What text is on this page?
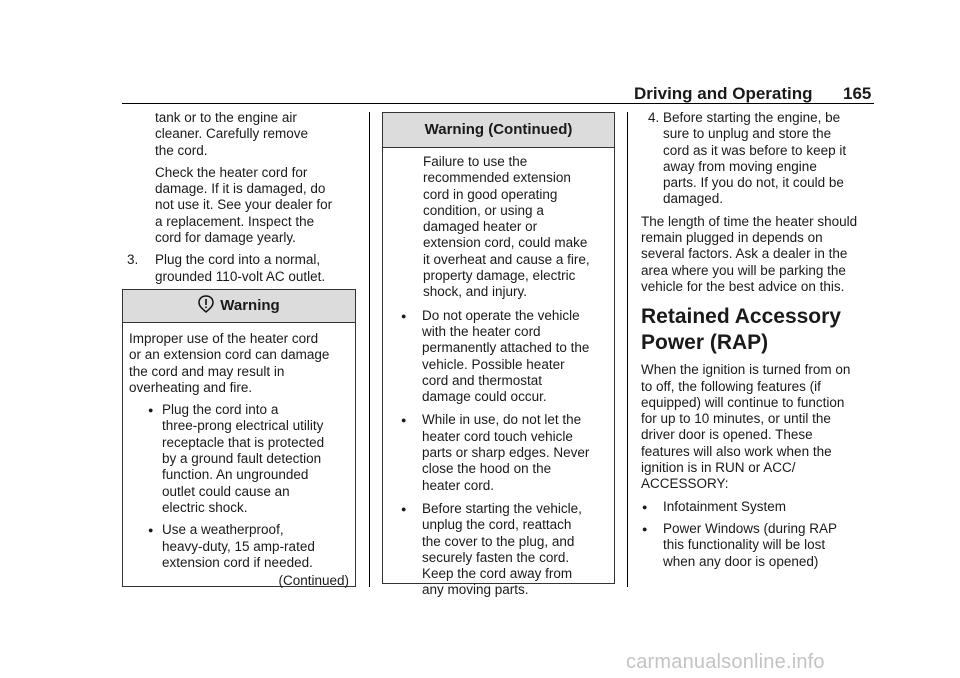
Driving and Operating 165

tank or to the engine air

cleaner. Carefully remove

the cord.

Check the heater cord for

damage. If it is damaged, do

not use it. See your dealer for

a replacement. Inspect the

cord for damage yearly.

3. Plug the cord into a normal,

grounded 110-volt AC outlet.

Warning

Improper use of the heater cord

or an extension cord can damage

the cord and may result in

overheating and fire.

● Plug the cord into a

three-prong electrical utility

receptacle that is protected

by a ground fault detection

function. An ungrounded

outlet could cause an

electric shock.

● Use a weatherproof,

heavy-duty, 15 amp-rated

extension cord if needed.

(Continued)
Warning (Continued)

Failure to use the

recommended extension

cord in good operating

condition, or using a

damaged heater or

extension cord, could make

it overheat and cause a fire,

property damage, electric

shock, and injury.

● Do not operate the vehicle

with the heater cord

permanently attached to the

vehicle. Possible heater

cord and thermostat

damage could occur.

● While in use, do not let the

heater cord touch vehicle

parts or sharp edges. Never

close the hood on the

heater cord.

● Before starting the vehicle,

unplug the cord, reattach

the cover to the plug, and

securely fasten the cord.

Keep the cord away from

any moving parts.

4. Before starting the engine, be

sure to unplug and store the

cord as it was before to keep it

away from moving engine

parts. If you do not, it could be

damaged.

The length of time the heater should

remain plugged in depends on

several factors. Ask a dealer in the

area where you will be parking the

vehicle for the best advice on this.

Retained Accessory

Power (RAP)

When the ignition is turned from on

to off, the following features (if

equipped) will continue to function

for up to 10 minutes, or until the

driver door is opened. These

features will also work when the

ignition is in RUN or ACC/

ACCESSORY:

● Infotainment System

● Power Windows (during RAP

this functionality will be lost

when any door is opened)

carmanualsonline.info
